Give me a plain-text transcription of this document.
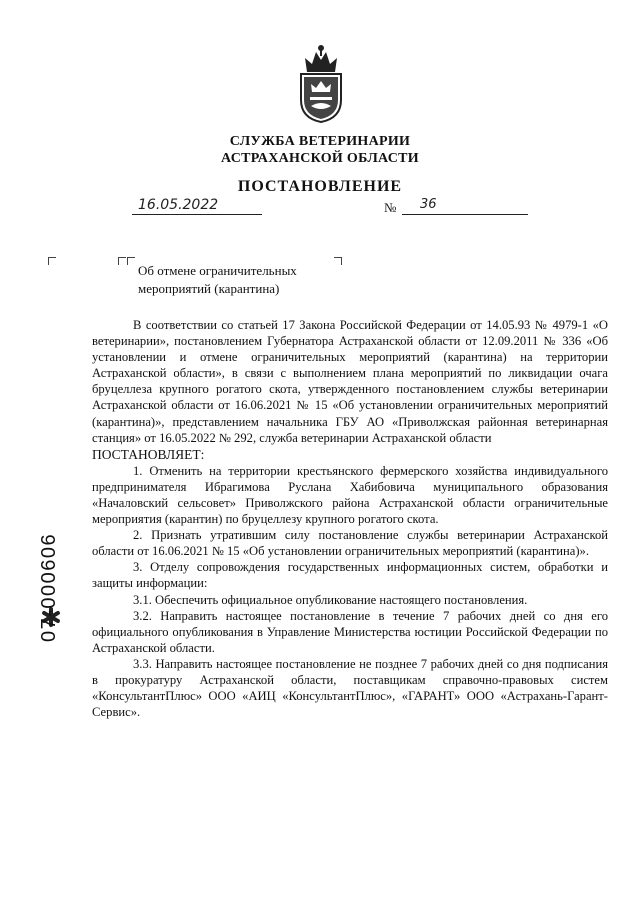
СЛУЖБА ВЕТЕРИНАРИИ
АСТРАХАНСКОЙ ОБЛАСТИ
ПОСТАНОВЛЕНИЕ
16.05.2022	№ 36
Об отмене ограничительных
мероприятий (карантина)

В соответствии со статьей 17 Закона Российской Федерации от 14.05.93 № 4979-1 «О ветеринарии», постановлением Губернатора Астраханской области от 12.09.2011 № 336 «Об установлении и отмене ограничительных мероприятий (карантина) на территории Астраханской области», в связи с выполнением плана мероприятий по ликвидации очага бруцеллеза крупного рогатого скота, утвержденного постановлением службы ветеринарии Астраханской области от 16.06.2021 № 15 «Об установлении ограничительных мероприятий (карантина)», представлением начальника ГБУ АО «Приволжская районная ветеринарная станция» от 16.05.2022 № 292, служба ветеринарии Астраханской области

ПОСТАНОВЛЯЕТ:

1. Отменить на территории крестьянского фермерского хозяйства индивидуального предпринимателя Ибрагимова Руслана Хабибовича муниципального образования «Началовский сельсовет» Приволжского района Астраханской области ограничительные мероприятия (карантин) по бруцеллезу крупного рогатого скота.

2. Признать утратившим силу постановление службы ветеринарии Астраханской области от 16.06.2021 № 15 «Об установлении ограничительных мероприятий (карантина)».

3. Отделу сопровождения государственных информационных систем, обработки и защиты информации:

3.1. Обеспечить официальное опубликование настоящего постановления.

3.2. Направить настоящее постановление в течение 7 рабочих дней со дня его официального опубликования в Управление Министерства юстиции Российской Федерации по Астраханской области.

3.3. Направить настоящее постановление не позднее 7 рабочих дней со дня подписания в прокуратуру Астраханской области, поставщикам справочно-правовых систем «КонсультантПлюс» ООО «АИЦ «КонсультантПлюс», «ГАРАНТ» ООО «Астрахань-Гарант-Сервис».

07-000606
